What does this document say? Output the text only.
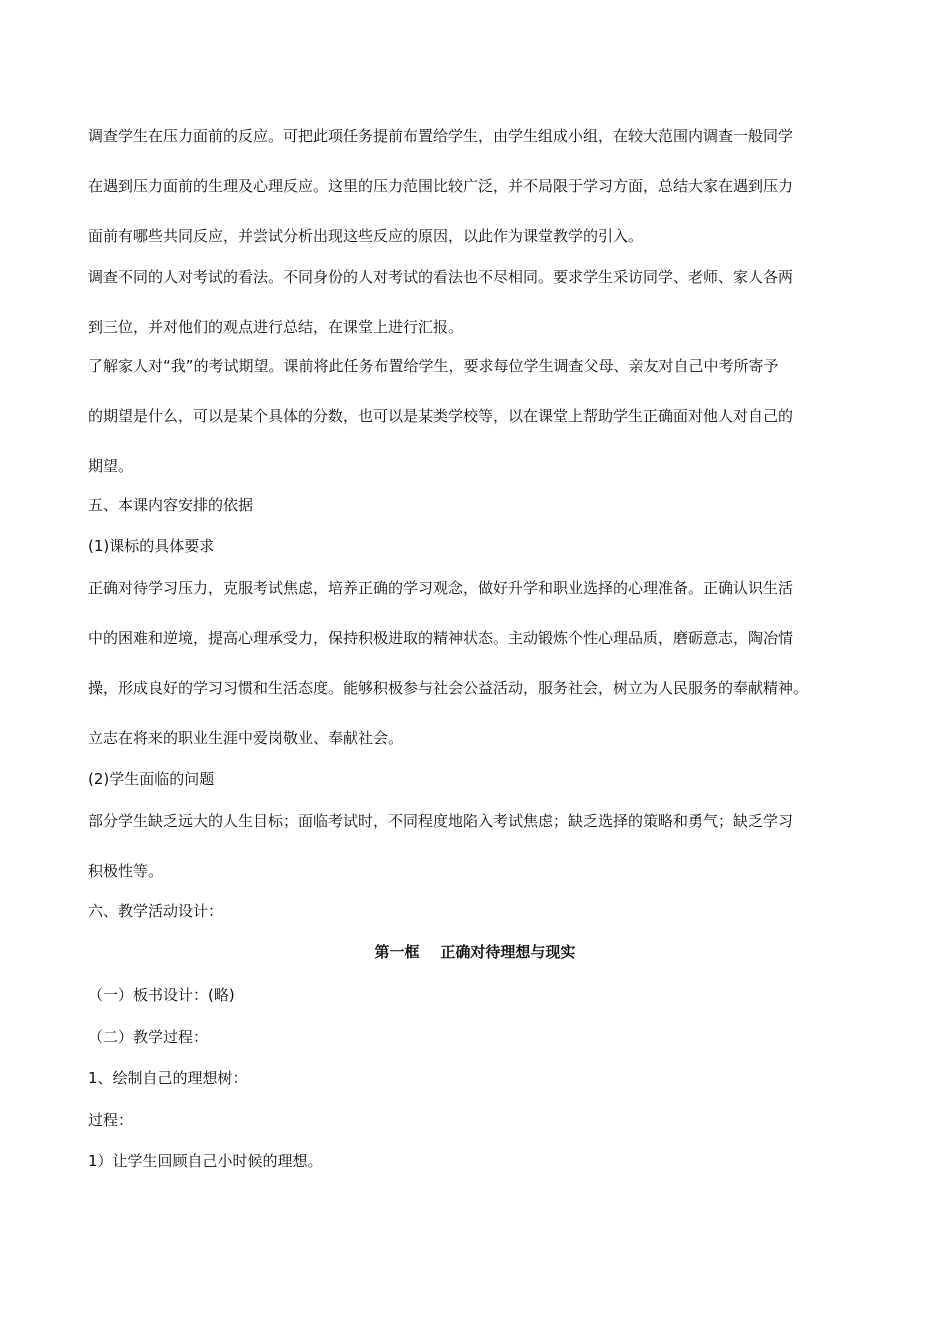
调查学生在压力面前的反应。可把此项任务提前布置给学生，由学生组成小组，在较大范围内调查一般同学
在遇到压力面前的生理及心理反应。这里的压力范围比较广泛，并不局限于学习方面，总结大家在遇到压力
面前有哪些共同反应，并尝试分析出现这些反应的原因，以此作为课堂教学的引入。
调查不同的人对考试的看法。不同身份的人对考试的看法也不尽相同。要求学生采访同学、老师、家人各两
到三位，并对他们的观点进行总结，在课堂上进行汇报。
了解家人对“我”的考试期望。课前将此任务布置给学生，要求每位学生调查父母、亲友对自己中考所寄予
的期望是什么，可以是某个具体的分数，也可以是某类学校等，以在课堂上帮助学生正确面对他人对自己的
期望。
五、本课内容安排的依据
(1)课标的具体要求
正确对待学习压力，克服考试焦虑，培养正确的学习观念，做好升学和职业选择的心理准备。正确认识生活
中的困难和逆境，提高心理承受力，保持积极进取的精神状态。主动锻炼个性心理品质，磨砺意志，陶冶情
操，形成良好的学习习惯和生活态度。能够积极参与社会公益活动，服务社会，树立为人民服务的奉献精神。
立志在将来的职业生涯中爱岗敬业、奉献社会。
(2)学生面临的问题
部分学生缺乏远大的人生目标；面临考试时，不同程度地陷入考试焦虑；缺乏选择的策略和勇气；缺乏学习
积极性等。
六、教学活动设计：
第一框    正确对待理想与现实
（一）板书设计：(略)
（二）教学过程：
1、绘制自己的理想树：
过程：
1）让学生回顾自己小时候的理想。
